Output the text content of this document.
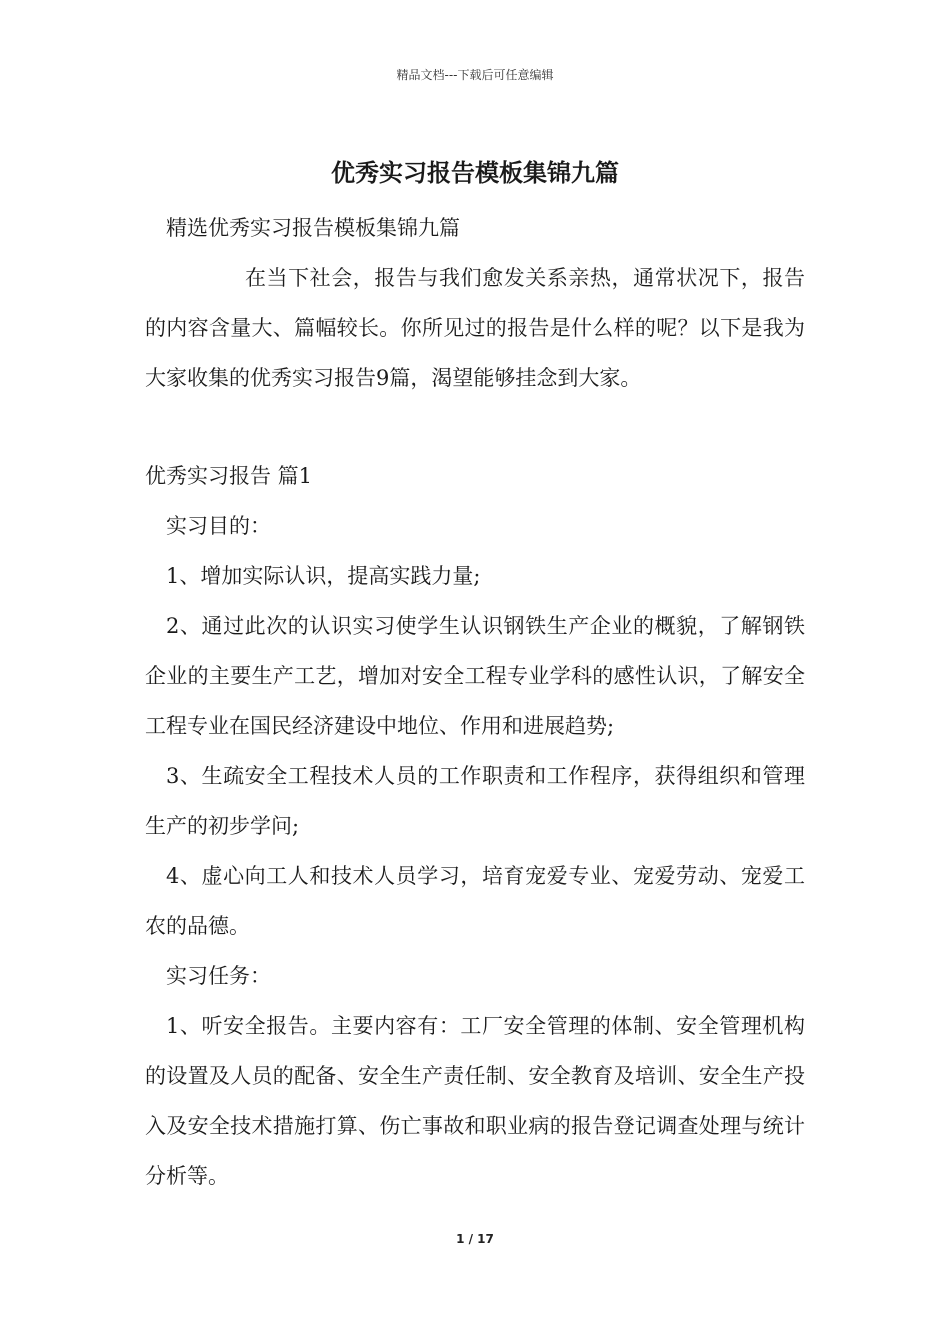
精品文档---下载后可任意编辑
优秀实习报告模板集锦九篇

精选优秀实习报告模板集锦九篇

在当下社会，报告与我们愈发关系亲热，通常状况下，报告的内容含量大、篇幅较长。你所见过的报告是什么样的呢？以下是我为大家收集的优秀实习报告9篇，渴望能够挂念到大家。

优秀实习报告 篇1

实习目的：

1、增加实际认识，提高实践力量;

2、通过此次的认识实习使学生认识钢铁生产企业的概貌，了解钢铁企业的主要生产工艺，增加对安全工程专业学科的感性认识，了解安全工程专业在国民经济建设中地位、作用和进展趋势;

3、生疏安全工程技术人员的工作职责和工作程序，获得组织和管理生产的初步学问;

4、虚心向工人和技术人员学习，培育宠爱专业、宠爱劳动、宠爱工农的品德。

实习任务：

1、听安全报告。主要内容有：工厂安全管理的体制、安全管理机构的设置及人员的配备、安全生产责任制、安全教育及培训、安全生产投入及安全技术措施打算、伤亡事故和职业病的报告登记调查处理与统计分析等。

1 / 17
